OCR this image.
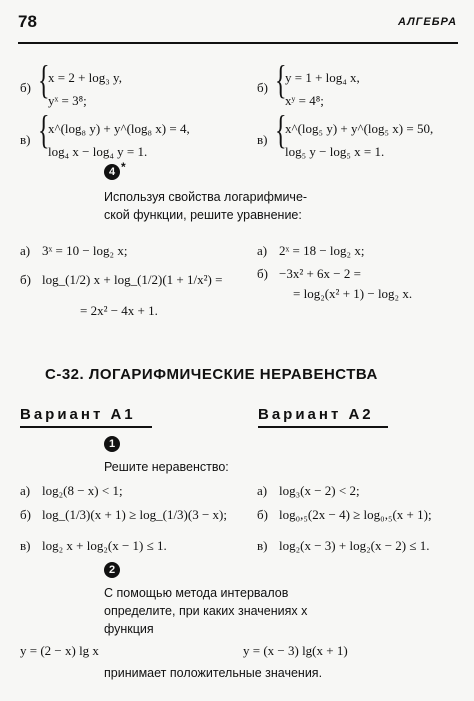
78	АЛГЕБРА
б) {
x = 2 + log₃ y,
yˣ = 3⁸;
б) {
y = 1 + log₄ x,
xʸ = 4⁸;
в) {
x^(log₈ y) + y^(log₈ x) = 4,
log₄ x − log₄ y = 1.
в) {
x^(log₅ y) + y^(log₅ x) = 50,
log₅ y − log₅ x = 1.
4 *
Используя свойства логарифмиче-
ской функции, решите уравнение:
а) 3ˣ = 10 − log₂ x;
б) log_(1/2) x + log_(1/2)(1 + 1/x²) =
= 2x² − 4x + 1.
а) 2ˣ = 18 − log₂ x;
б) −3x² + 6x − 2 =
= log₂(x² + 1) − log₂ x.
С-32. ЛОГАРИФМИЧЕСКИЕ НЕРАВЕНСТВА
Вариант А1	Вариант А2
1
Решите неравенство:
а) log₂(8 − x) < 1;
б) log_(1/3)(x + 1) ≥ log_(1/3)(3 − x);
в) log₂ x + log₂(x − 1) ≤ 1.
а) log₃(x − 2) < 2;
б) log₀,₅(2x − 4) ≥ log₀,₅(x + 1);
в) log₂(x − 3) + log₂(x − 2) ≤ 1.
2
С помощью метода интервалов
определите, при каких значениях x
функция
y = (2 − x) lg x	y = (x − 3) lg(x + 1)
принимает положительные значения.
